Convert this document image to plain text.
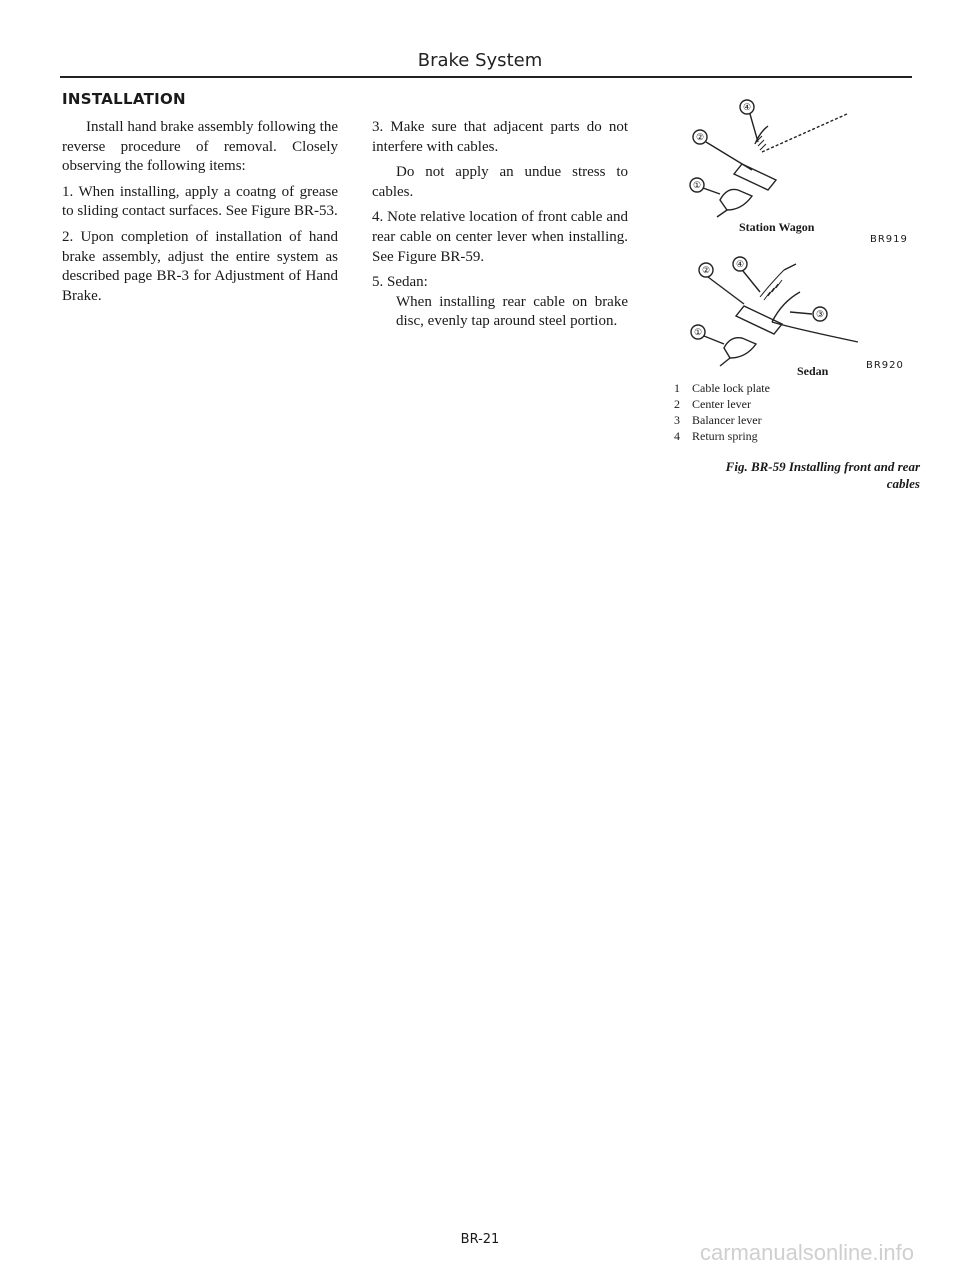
Brake System
INSTALLATION

Install hand brake assembly following the reverse procedure of removal. Closely observing the following items:

1. When installing, apply a coatng of grease to sliding contact surfaces. See Figure BR-53.

2. Upon completion of installation of hand brake assembly, adjust the entire system as described page BR-3 for Adjustment of Hand Brake.

3. Make sure that adjacent parts do not interfere with cables.

Do not apply an undue stress to cables.

4. Note relative location of front cable and rear cable on center lever when installing. See Figure BR-59.

5. Sedan:

When installing rear cable on brake disc, evenly tap around steel portion.

④
②
①
②
④
③
①
Station Wagon
BR919
Sedan	BR920
1	Cable lock plate
2	Center lever
3	Balancer lever
4	Return spring
Fig. BR-59 Installing front and rear
cables
BR-21
carmanualsonline.info
